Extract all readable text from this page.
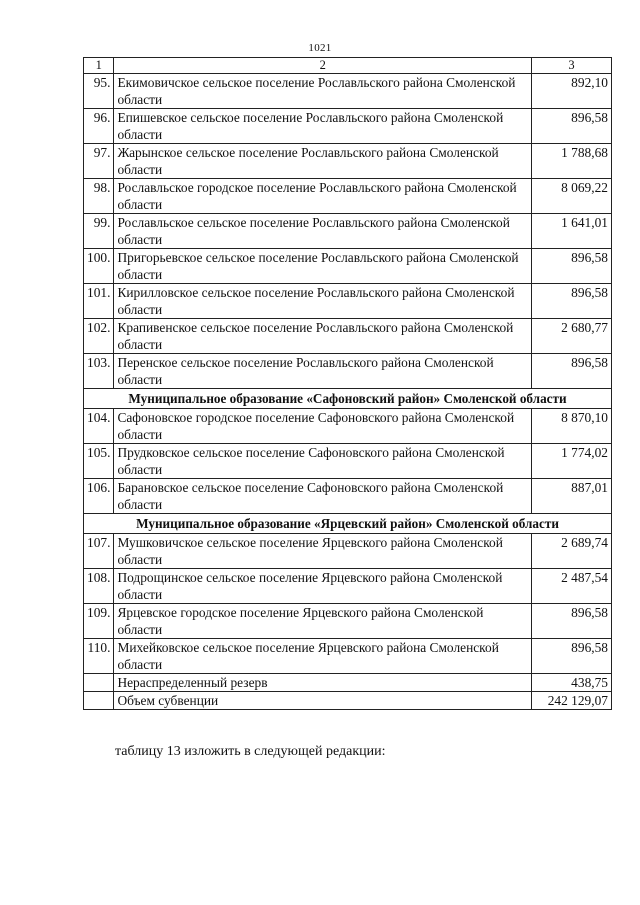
1021
1	2	3
95.	Екимовичское сельское поселение Рославльского района Смоленской области	892,10
96.	Епишевское сельское поселение Рославльского района Смоленской области	896,58
97.	Жарынское сельское поселение Рославльского района Смоленской области	1 788,68
98.	Рославльское городское поселение Рославльского района Смоленской области	8 069,22
99.	Рославльское сельское поселение Рославльского района Смоленской области	1 641,01
100.	Пригорьевское сельское поселение Рославльского района Смоленской области	896,58
101.	Кирилловское сельское поселение Рославльского района Смоленской области	896,58
102.	Крапивенское сельское поселение Рославльского района Смоленской области	2 680,77
103.	Перенское сельское поселение Рославльского района Смоленской области	896,58
Муниципальное образование «Сафоновский район» Смоленской области		
104.	Сафоновское городское поселение Сафоновского района Смоленской области	8 870,10
105.	Прудковское сельское поселение Сафоновского района Смоленской области	1 774,02
106.	Барановское сельское поселение Сафоновского района Смоленской области	887,01
Муниципальное образование «Ярцевский район» Смоленской области		
107.	Мушковичское сельское поселение Ярцевского района Смоленской области	2 689,74
108.	Подрощинское сельское поселение Ярцевского района Смоленской области	2 487,54
109.	Ярцевское городское поселение Ярцевского района Смоленской области	896,58
110.	Михейковское сельское поселение Ярцевского района Смоленской области	896,58
	Нераспределенный резерв	438,75
	Объем субвенции	242 129,07
таблицу 13 изложить в следующей редакции:
